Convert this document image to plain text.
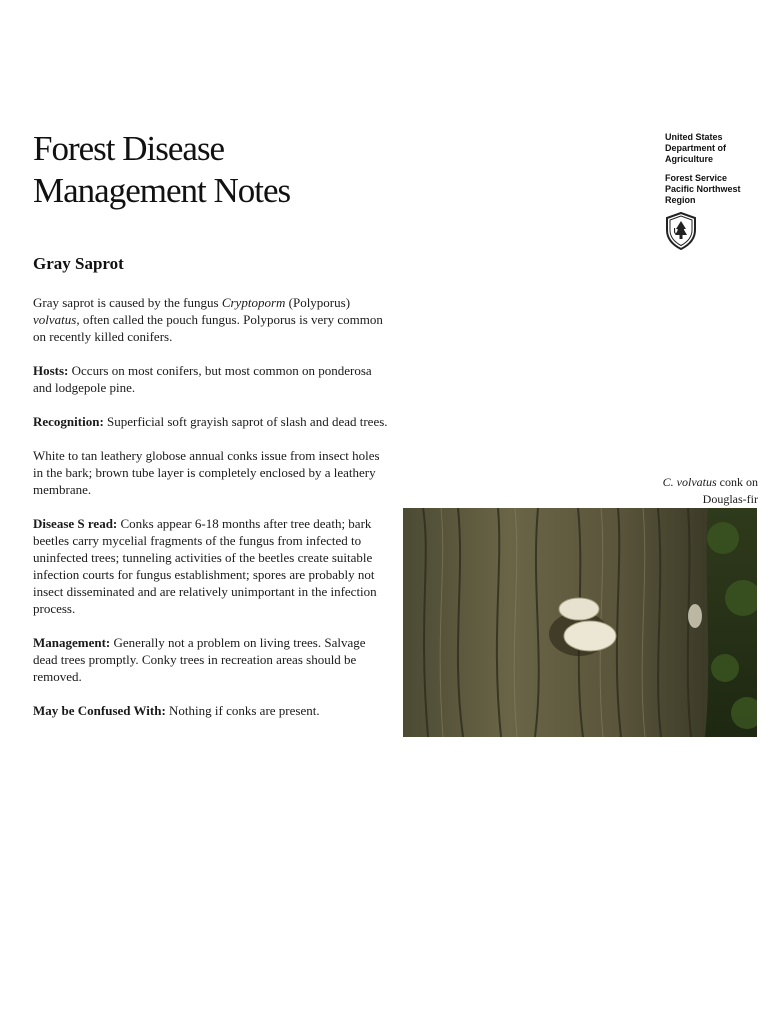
Forest Disease
Management Notes
United States
Department of
Agriculture
Forest Service
Pacific Northwest
Region
US
Gray Saprot

Gray saprot is caused by the fungus Cryptoporm (Polyporus) volvatus, often called the pouch fungus. Polyporus is very common on recently killed conifers.

Hosts: Occurs on most conifers, but most common on ponderosa and lodgepole pine.

Recognition: Superficial soft grayish saprot of slash and dead trees.

White to tan leathery globose annual conks issue from insect holes in the bark; brown tube layer is completely enclosed by a leathery membrane.

Disease S read: Conks appear 6-18 months after tree death; bark beetles carry mycelial fragments of the fungus from infected to uninfected trees; tunneling activities of the beetles create suitable infection courts for fungus establishment; spores are probably not insect disseminated and are relatively unimportant in the infection process.

Management: Generally not a problem on living trees. Salvage dead trees promptly. Conky trees in recreation areas should be removed.

May be Confused With: Nothing if conks are present.

C. volvatus conk on
Douglas-fir
